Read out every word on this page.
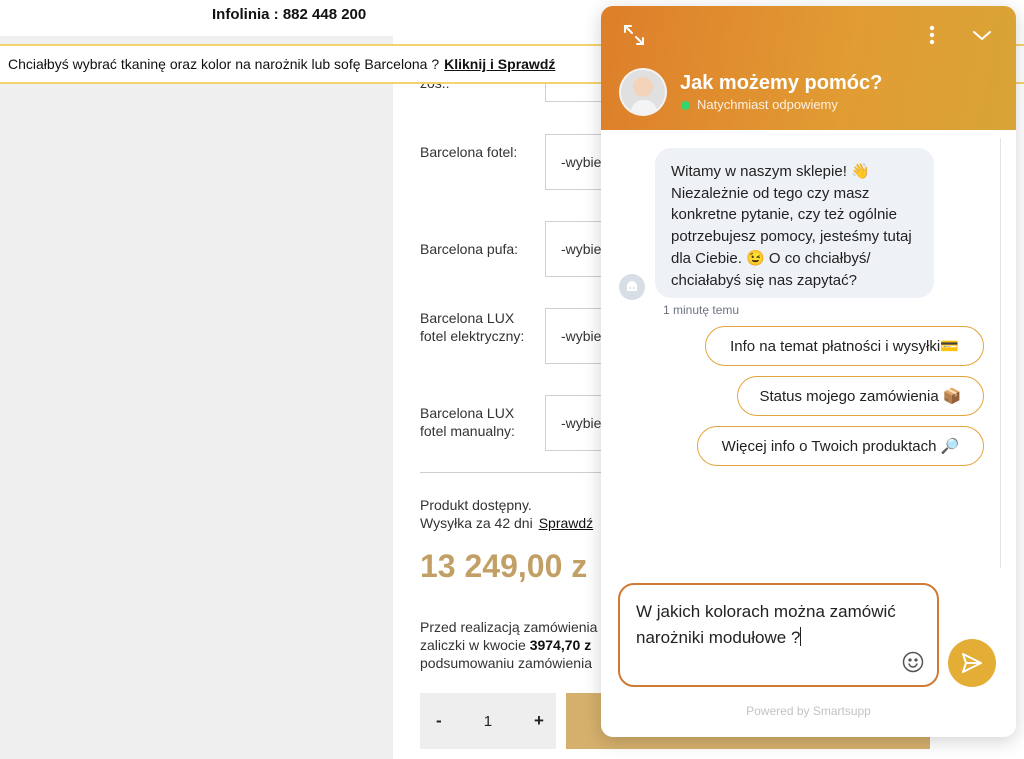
Infolinia : 882 448 200
Chciałbyś wybrać tkaninę oraz kolor na narożnik lub sofę Barcelona ? Kliknij i Sprawdź
Barcelona fotel:
-wybie
Barcelona pufa:	-wybie
Barcelona LUX fotel elektryczny:	-wybie
Barcelona LUX fotel manualny:	-wybie
Produkt dostępny.
Wysyłka za 42 dni Sprawdź
13 249,00 z
Przed realizacją zamówienia
zaliczki w kwocie 3974,70 z
podsumowaniu zamówienia
-	1 +
Jak możemy pomóc?
Natychmiast odpowiemy
Witamy w naszym sklepie! 👋 Niezależnie od tego czy masz konkretne pytanie, czy też ogólnie potrzebujesz pomocy, jesteśmy tutaj dla Ciebie. 😉 O co chciałbyś/ chciałabyś się nas zapytać?
1 minutę temu
Info na temat płatności i wysyłki💳
Status mojego zamówienia 📦
Więcej info o Twoich produktach 🔎
W jakich kolorach można zamówić narożniki modułowe ?
Powered by Smartsupp
